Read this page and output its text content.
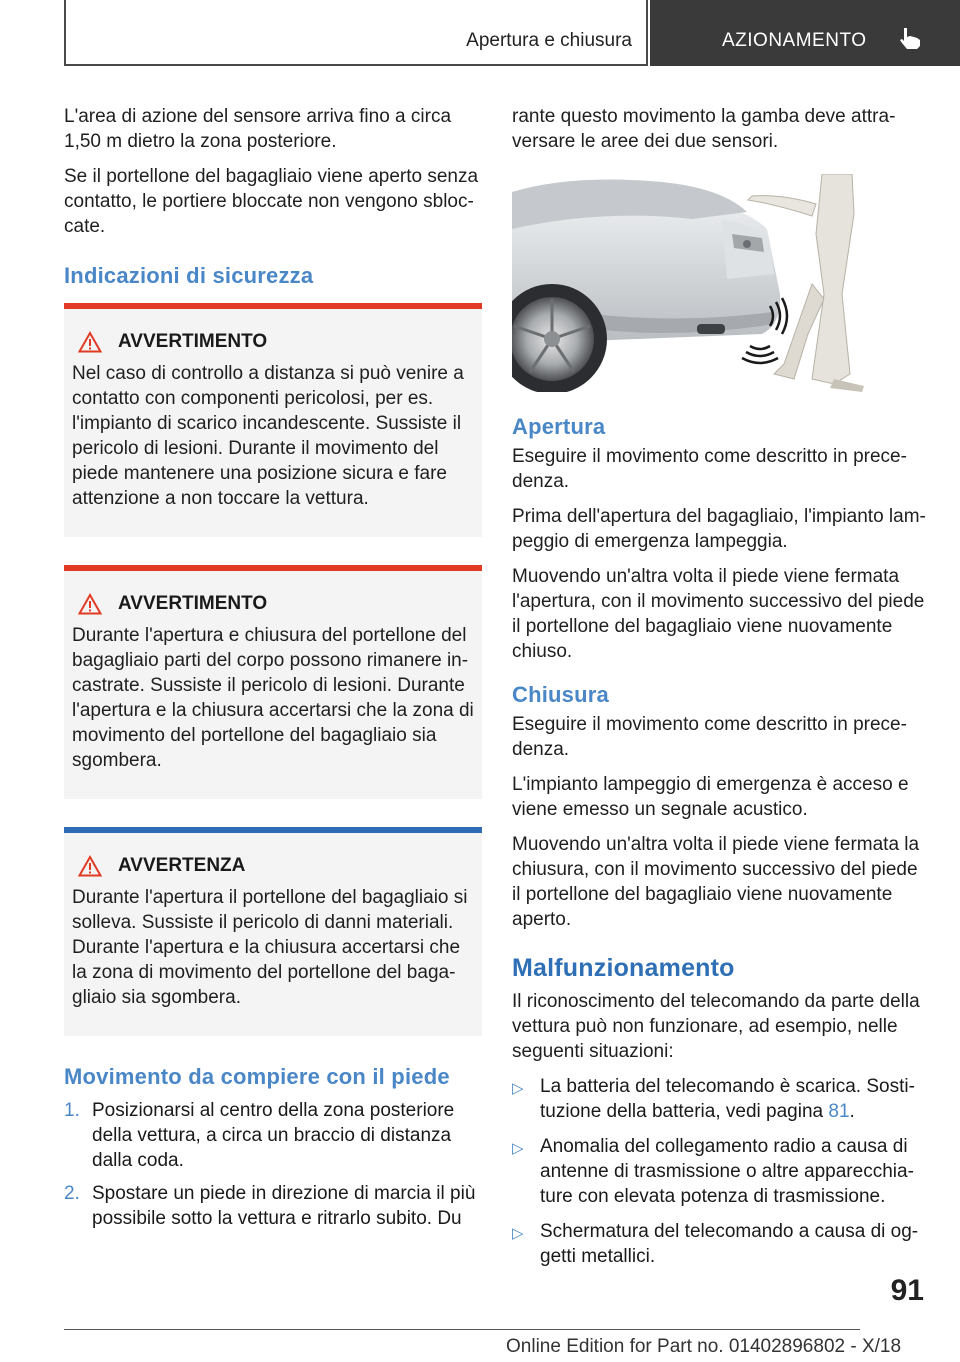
Apertura e chiusura	AZIONAMENTO

L'area di azione del sensore arriva fino a circa 1,50 m dietro la zona posteriore.

Se il portellone del bagagliaio viene aperto senza contatto, le portiere bloccate non vengono sbloccate.

Indicazioni di sicurezza
AVVERTIMENTO

Nel caso di controllo a distanza si può venire a contatto con componenti pericolosi, per es. l'impianto di scarico incandescente. Sussiste il pericolo di lesioni. Durante il movimento del piede mantenere una posizione sicura e fare attenzione a non toccare la vettura.

AVVERTIMENTO

Durante l'apertura e chiusura del portellone del bagagliaio parti del corpo possono rimanere incastrate. Sussiste il pericolo di lesioni. Durante l'apertura e la chiusura accertarsi che la zona di movimento del portellone del bagagliaio sia sgombera.

AVVERTENZA

Durante l'apertura il portellone del bagagliaio si solleva. Sussiste il pericolo di danni materiali. Durante l'apertura e la chiusura accertarsi che la zona di movimento del portellone del bagagliaio sia sgombera.

Movimento da compiere con il piede
1. Posizionarsi al centro della zona posteriore della vettura, a circa un braccio di distanza dalla coda.
2. Spostare un piede in direzione di marcia il più possibile sotto la vettura e ritrarlo subito. Du

rante questo movimento la gamba deve attraversare le aree dei due sensori.

Apertura

Eseguire il movimento come descritto in precedenza.

Prima dell'apertura del bagagliaio, l'impianto lampeggio di emergenza lampeggia.

Muovendo un'altra volta il piede viene fermata l'apertura, con il movimento successivo del piede il portellone del bagagliaio viene nuovamente chiuso.

Chiusura

Eseguire il movimento come descritto in precedenza.

L'impianto lampeggio di emergenza è acceso e viene emesso un segnale acustico.

Muovendo un'altra volta il piede viene fermata la chiusura, con il movimento successivo del piede il portellone del bagagliaio viene nuovamente aperto.

Malfunzionamento

Il riconoscimento del telecomando da parte della vettura può non funzionare, ad esempio, nelle seguenti situazioni:

▷ La batteria del telecomando è scarica. Sostituzione della batteria, vedi pagina 81.
▷ Anomalia del collegamento radio a causa di antenne di trasmissione o altre apparecchiature con elevata potenza di trasmissione.
▷ Schermatura del telecomando a causa di oggetti metallici.
91
Online Edition for Part no. 01402896802 - X/18
